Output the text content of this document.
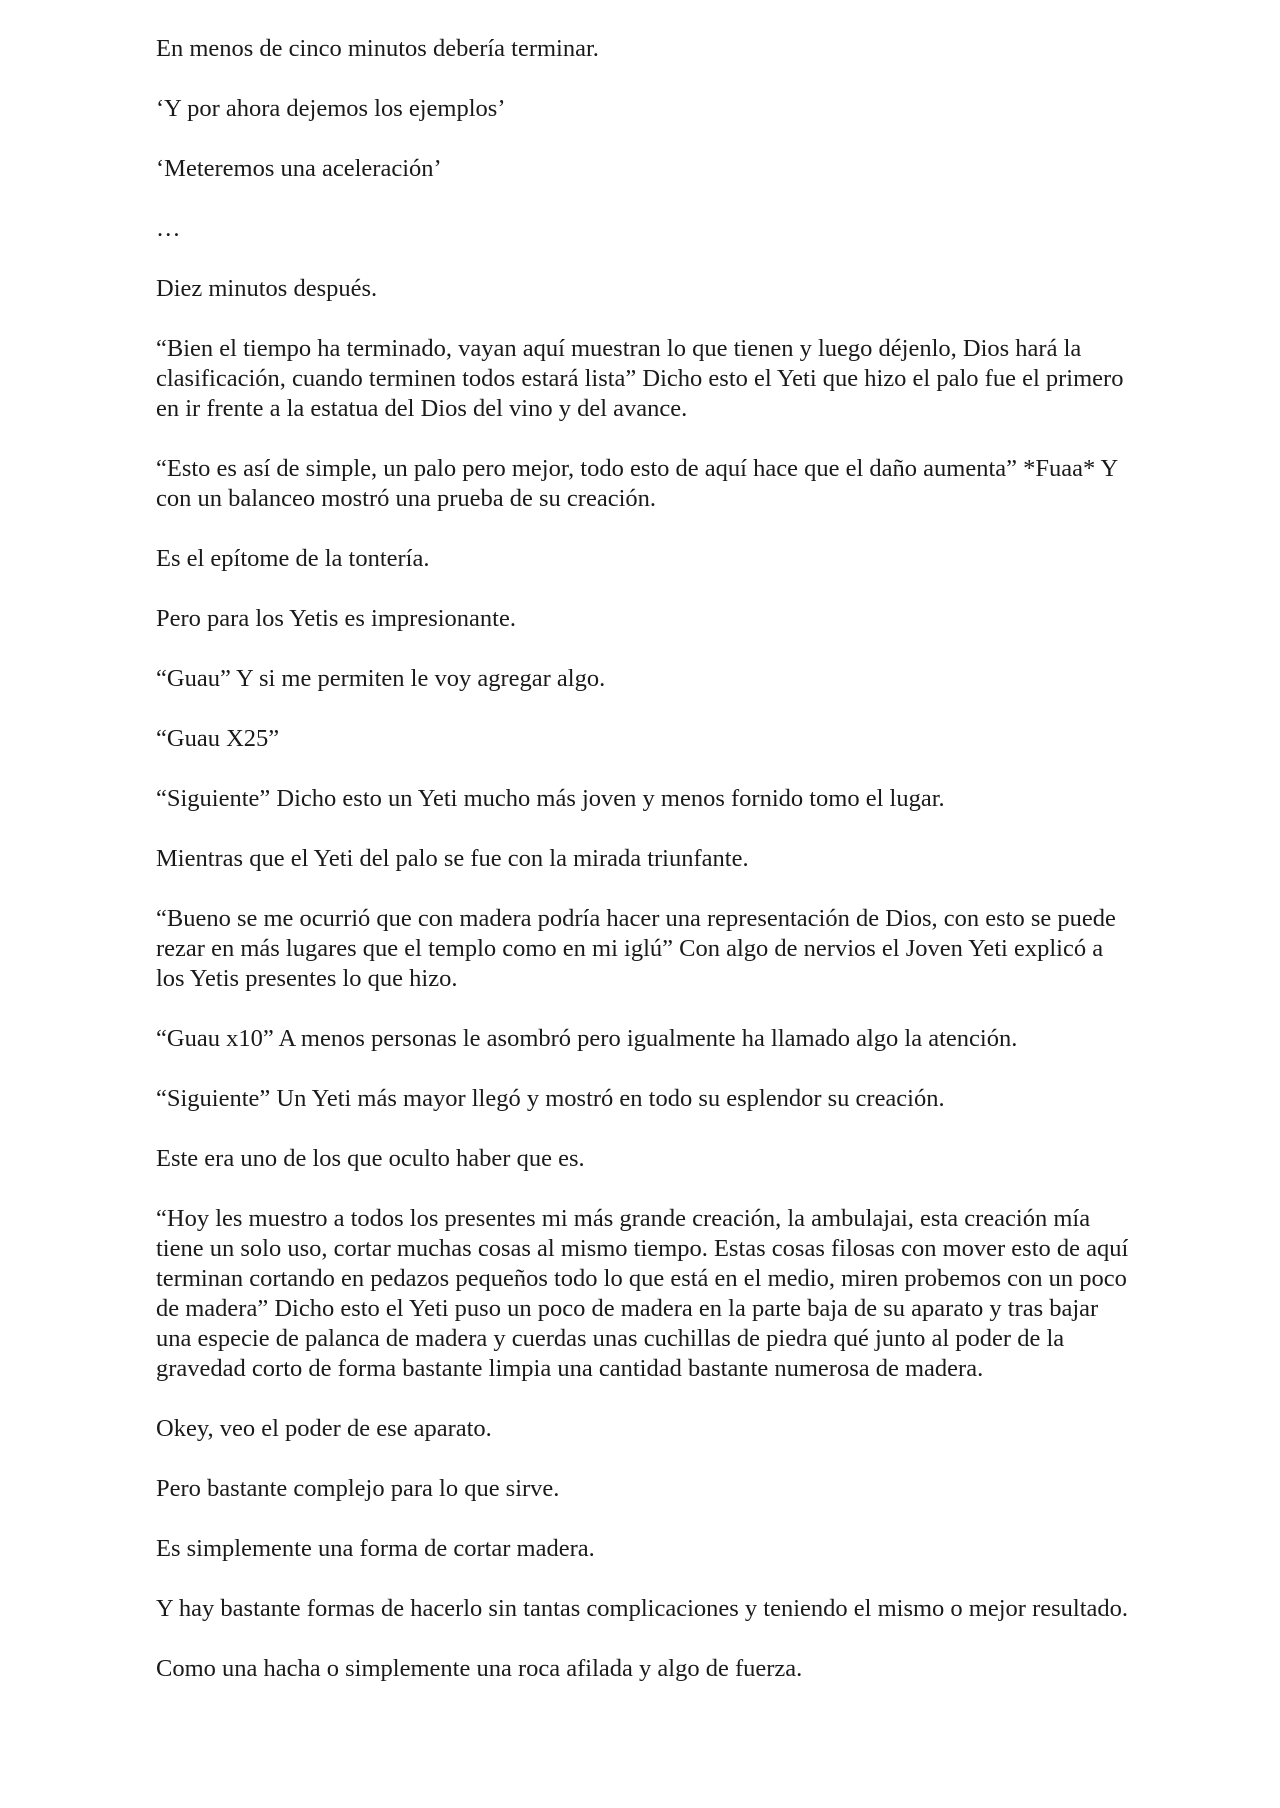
En menos de cinco minutos debería terminar.

‘Y por ahora dejemos los ejemplos’

‘Meteremos una aceleración’

…

Diez minutos después.

“Bien el tiempo ha terminado, vayan aquí muestran lo que tienen y luego déjenlo, Dios hará la clasificación, cuando terminen todos estará lista” Dicho esto el Yeti que hizo el palo fue el primero en ir frente a la estatua del Dios del vino y del avance.

“Esto es así de simple, un palo pero mejor, todo esto de aquí hace que el daño aumenta” *Fuaa* Y con un balanceo mostró una prueba de su creación.

Es el epítome de la tontería.

Pero para los Yetis es impresionante.

“Guau” Y si me permiten le voy agregar algo.

“Guau X25”

“Siguiente” Dicho esto un Yeti mucho más joven y menos fornido tomo el lugar.

Mientras que el Yeti del palo se fue con la mirada triunfante.

“Bueno se me ocurrió que con madera podría hacer una representación de Dios, con esto se puede rezar en más lugares que el templo como en mi iglú” Con algo de nervios el Joven Yeti explicó a los Yetis presentes lo que hizo.

“Guau x10” A menos personas le asombró pero igualmente ha llamado algo la atención.

“Siguiente” Un Yeti más mayor llegó y mostró en todo su esplendor su creación.

Este era uno de los que oculto haber que es.

“Hoy les muestro a todos los presentes mi más grande creación, la ambulajai, esta creación mía tiene un solo uso, cortar muchas cosas al mismo tiempo. Estas cosas filosas con mover esto de aquí terminan cortando en pedazos pequeños todo lo que está en el medio, miren probemos con un poco de madera” Dicho esto el Yeti puso un poco de madera en la parte baja de su aparato y tras bajar una especie de palanca de madera y cuerdas unas cuchillas de piedra qué junto al poder de la gravedad corto de forma bastante limpia una cantidad bastante numerosa de madera.

Okey, veo el poder de ese aparato.

Pero bastante complejo para lo que sirve.

Es simplemente una forma de cortar madera.

Y hay bastante formas de hacerlo sin tantas complicaciones y teniendo el mismo o mejor resultado.

Como una hacha o simplemente una roca afilada y algo de fuerza.
